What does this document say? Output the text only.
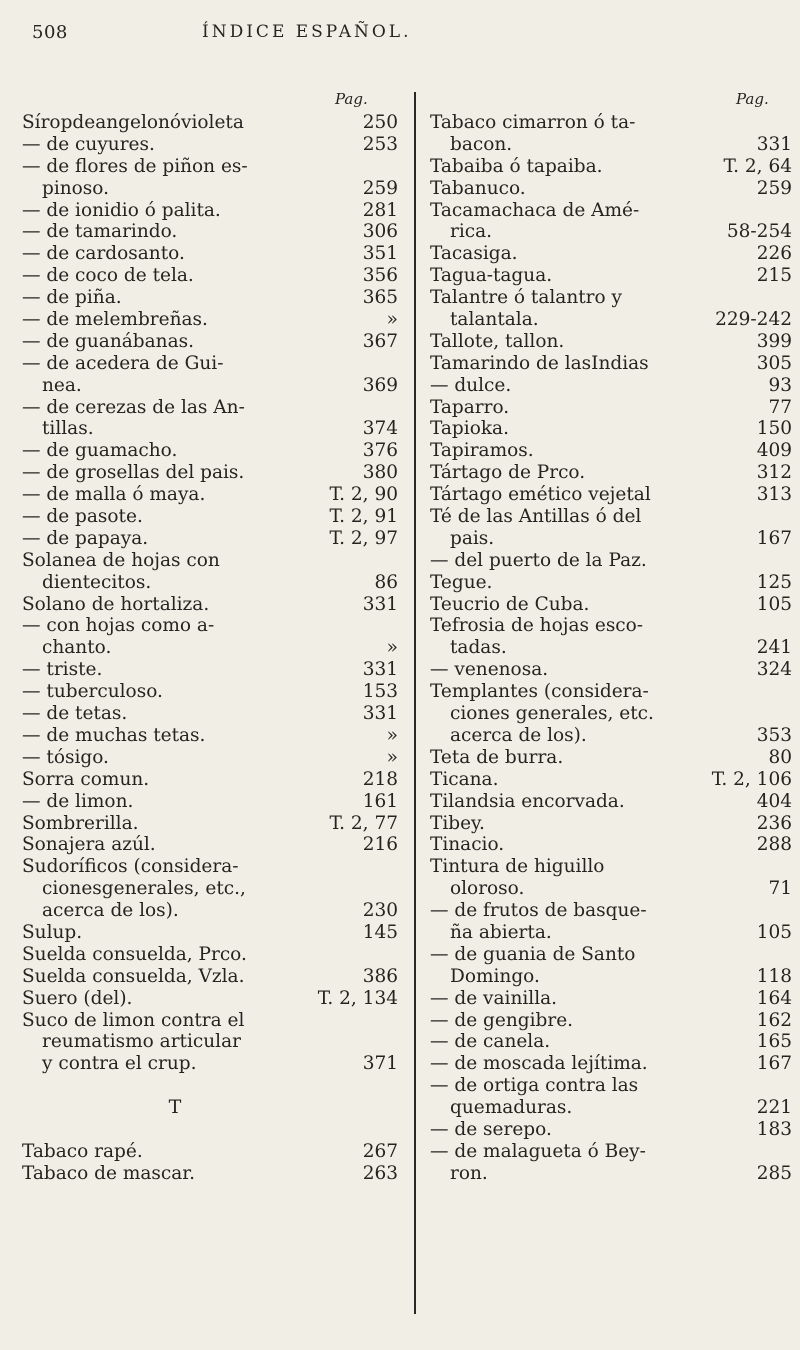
508	ÍNDICE ESPAÑOL.
Pag.	Pag.
Síropdeangelonóvioleta	250
— de cuyures.	253
— de flores de piñon es-
pinoso.	259
— de ionidio ó palita.	281
— de tamarindo.	306
— de cardosanto.	351
— de coco de tela.	356
— de piña.	365
— de melembreñas.	»
— de guanábanas.	367
— de acedera de Gui-
nea.	369
— de cerezas de las An-
tillas.	374
— de guamacho.	376
— de grosellas del pais.	380
— de malla ó maya.	T. 2, 90
— de pasote.	T. 2, 91
— de papaya.	T. 2, 97
Solanea de hojas con
dientecitos.	86
Solano de hortaliza.	331
— con hojas como a-
chanto.	»
— triste.	331
— tuberculoso.	153
— de tetas.	331
— de muchas tetas.	»
— tósigo.	»
Sorra comun.	218
— de limon.	161
Sombrerilla.	T. 2, 77
Sonajera azúl.	216
Sudoríficos (considera-
cionesgenerales, etc.,
acerca de los).	230
Sulup.	145
Suelda consuelda, Prco.
Suelda consuelda, Vzla.	386
Suero (del).	T. 2, 134
Suco de limon contra el
reumatismo articular
y contra el crup.	371
T
Tabaco rapé.	267
Tabaco de mascar.	263
Tabaco cimarron ó ta-
bacon.	331
Tabaiba ó tapaiba.	T. 2, 64
Tabanuco.	259
Tacamachaca de Amé-
rica.	58-254
Tacasiga.	226
Tagua-tagua.	215
Talantre ó talantro y
talantala.	229-242
Tallote, tallon.	399
Tamarindo de lasIndias	305
— dulce.	93
Taparro.	77
Tapioka.	150
Tapiramos.	409
Tártago de Prco.	312
Tártago emético vejetal	313
Té de las Antillas ó del
pais.	167
— del puerto de la Paz.
Tegue.	125
Teucrio de Cuba.	105
Tefrosia de hojas esco-
tadas.	241
— venenosa.	324
Templantes (considera-
ciones generales, etc.
acerca de los).	353
Teta de burra.	80
Ticana.	T. 2, 106
Tilandsia encorvada.	404
Tibey.	236
Tinacio.	288
Tintura de higuillo
oloroso.	71
— de frutos de basque-
ña abierta.	105
— de guania de Santo
Domingo.	118
— de vainilla.	164
— de gengibre.	162
— de canela.	165
— de moscada lejítima.	167
— de ortiga contra las
quemaduras.	221
— de serepo.	183
— de malagueta ó Bey-
ron.	285
